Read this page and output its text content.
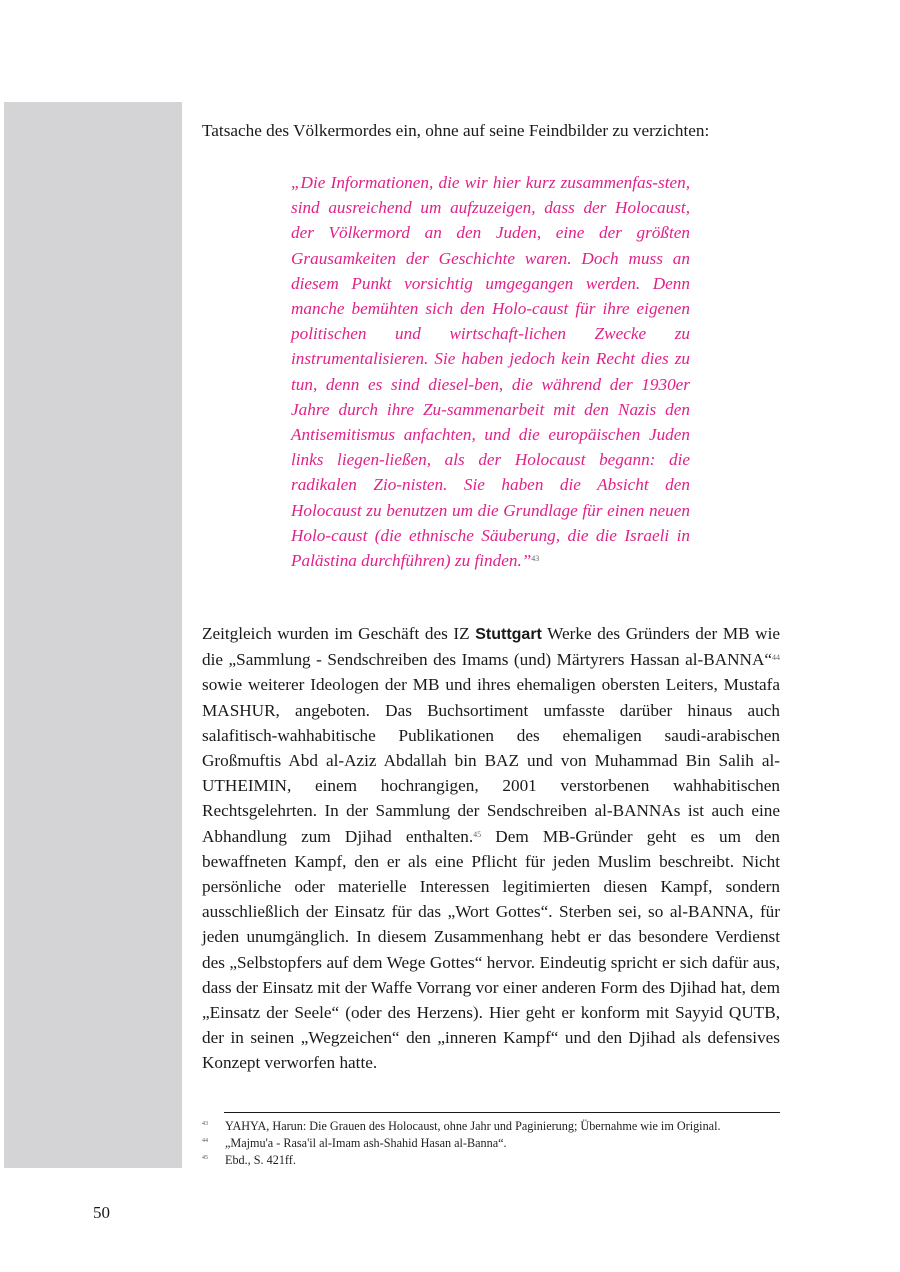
Tatsache des Völkermordes ein, ohne auf seine Feindbilder zu verzichten:
„Die Informationen, die wir hier kurz zusammenfas-sten, sind ausreichend um aufzuzeigen, dass der Holocaust, der Völkermord an den Juden, eine der größten Grausamkeiten der Geschichte waren. Doch muss an diesem Punkt vorsichtig umgegangen werden. Denn manche bemühten sich den Holo-caust für ihre eigenen politischen und wirtschaft-lichen Zwecke zu instrumentalisieren. Sie haben jedoch kein Recht dies zu tun, denn es sind diesel-ben, die während der 1930er Jahre durch ihre Zu-sammenarbeit mit den Nazis den Antisemitismus anfachten, und die europäischen Juden links liegen-ließen, als der Holocaust begann: die radikalen Zio-nisten. Sie haben die Absicht den Holocaust zu benutzen um die Grundlage für einen neuen Holo-caust (die ethnische Säuberung, die die Israeli in Palästina durchführen) zu finden.”$^{43}$

Zeitgleich wurden im Geschäft des IZ Stuttgart Werke des Gründers der MB wie die „Sammlung - Sendschreiben des Imams (und) Märtyrers Hassan al-BANNA“$^{44}$ sowie weiterer Ideologen der MB und ihres ehemaligen obersten Leiters, Mustafa MASHUR, angeboten. Das Buchsortiment umfasste darüber hinaus auch salafitisch-wahhabitische Publikationen des ehemaligen saudi-arabischen Großmuftis Abd al-Aziz Abdallah bin BAZ und von Muhammad Bin Salih al-UTHEIMIN, einem hochrangigen, 2001 verstorbenen wahhabitischen Rechtsgelehrten. In der Sammlung der Sendschreiben al-BANNAs ist auch eine Abhandlung zum Djihad enthalten.$^{45}$ Dem MB-Gründer geht es um den bewaffneten Kampf, den er als eine Pflicht für jeden Muslim beschreibt. Nicht persönliche oder materielle Interessen legitimierten diesen Kampf, sondern ausschließlich der Einsatz für das „Wort Gottes“. Sterben sei, so al-BANNA, für jeden unumgänglich. In diesem Zusammenhang hebt er das besondere Verdienst des „Selbstopfers auf dem Wege Gottes“ hervor. Eindeutig spricht er sich dafür aus, dass der Einsatz mit der Waffe Vorrang vor einer anderen Form des Djihad hat, dem „Einsatz der Seele“ (oder des Herzens). Hier geht er konform mit Sayyid QUTB, der in seinen „Wegzeichen“ den „inneren Kampf“ und den Djihad als defensives Konzept verworfen hatte.

43	YAHYA, Harun: Die Grauen des Holocaust, ohne Jahr und Paginierung; Übernahme wie im Original.
44	„Majmu'a - Rasa'il al-Imam ash-Shahid Hasan al-Banna“.
45	Ebd., S. 421ff.
50
